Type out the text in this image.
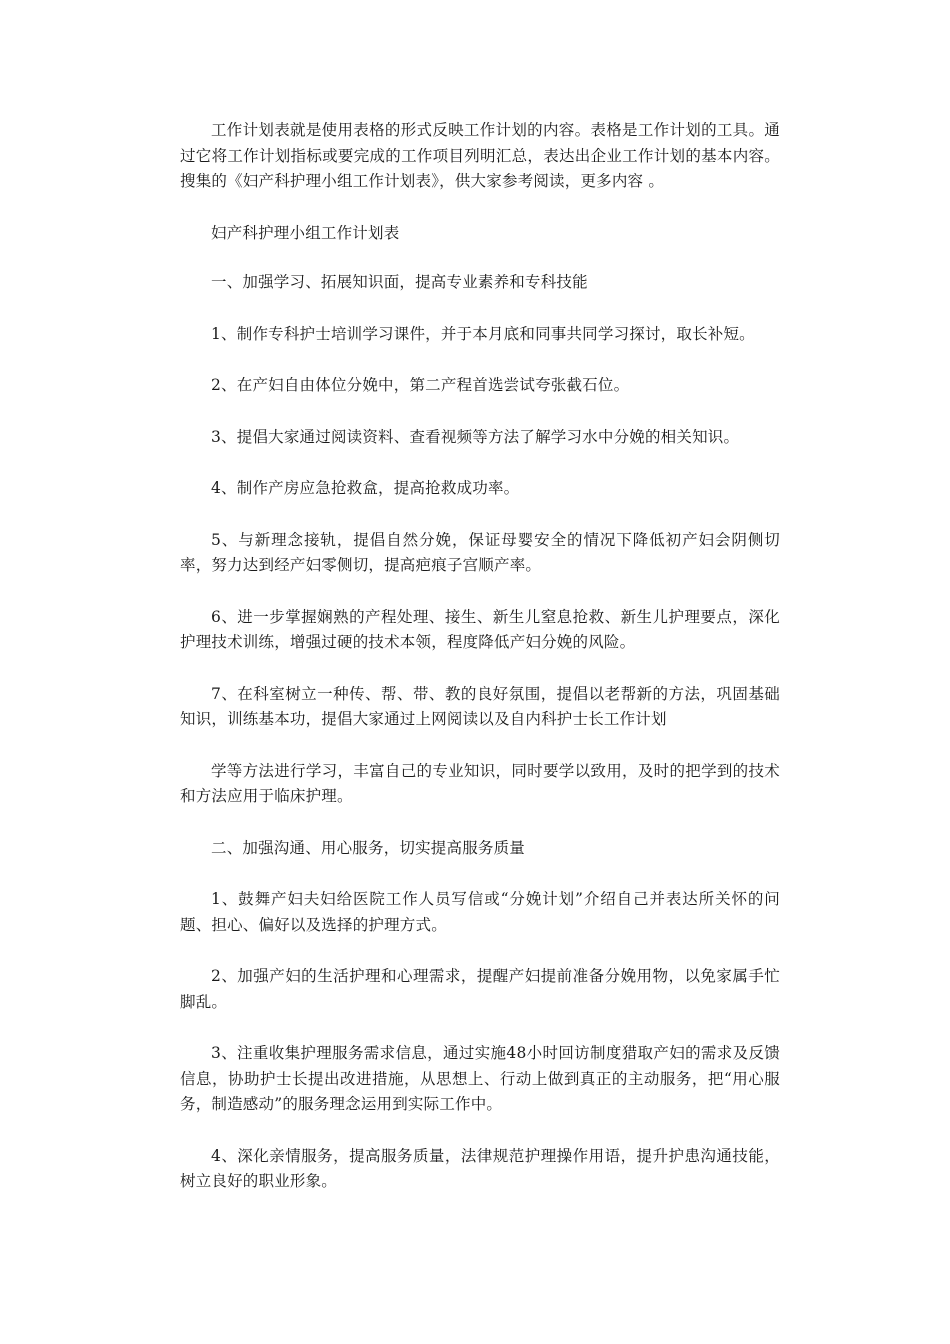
工作计划表就是使用表格的形式反映工作计划的内容。表格是工作计划的工具。通过它将工作计划指标或要完成的工作项目列明汇总，表达出企业工作计划的基本内容。搜集的《妇产科护理小组工作计划表》，供大家参考阅读，更多内容 。

妇产科护理小组工作计划表

一、加强学习、拓展知识面，提高专业素养和专科技能

1、制作专科护士培训学习课件，并于本月底和同事共同学习探讨，取长补短。

2、在产妇自由体位分娩中，第二产程首选尝试夸张截石位。

3、提倡大家通过阅读资料、查看视频等方法了解学习水中分娩的相关知识。

4、制作产房应急抢救盒，提高抢救成功率。

5、与新理念接轨，提倡自然分娩，保证母婴安全的情况下降低初产妇会阴侧切率，努力达到经产妇零侧切，提高疤痕子宫顺产率。

6、进一步掌握娴熟的产程处理、接生、新生儿窒息抢救、新生儿护理要点，深化护理技术训练，增强过硬的技术本领，程度降低产妇分娩的风险。

7、在科室树立一种传、帮、带、教的良好氛围，提倡以老帮新的方法，巩固基础知识，训练基本功，提倡大家通过上网阅读以及自内科护士长工作计划

学等方法进行学习，丰富自己的专业知识，同时要学以致用，及时的把学到的技术和方法应用于临床护理。

二、加强沟通、用心服务，切实提高服务质量

1、鼓舞产妇夫妇给医院工作人员写信或“分娩计划”介绍自己并表达所关怀的问题、担心、偏好以及选择的护理方式。

2、加强产妇的生活护理和心理需求，提醒产妇提前准备分娩用物，以免家属手忙脚乱。

3、注重收集护理服务需求信息，通过实施48小时回访制度猎取产妇的需求及反馈信息，协助护士长提出改进措施，从思想上、行动上做到真正的主动服务，把“用心服务，制造感动”的服务理念运用到实际工作中。

4、深化亲情服务，提高服务质量，法律规范护理操作用语，提升护患沟通技能，树立良好的职业形象。
